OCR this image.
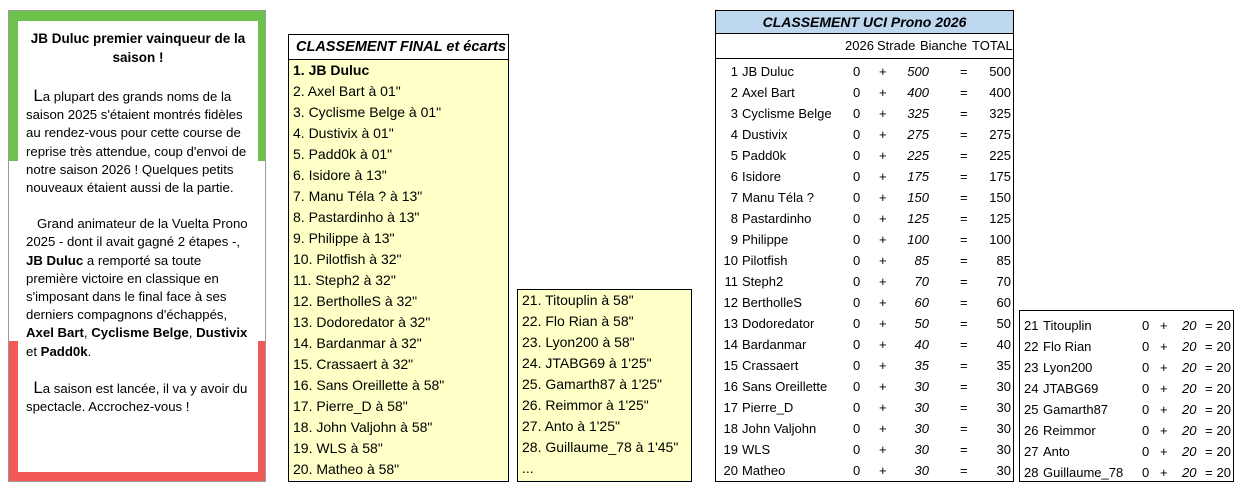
JB Duluc premier vainqueur de la saison !
La plupart des grands noms de la saison 2025 s'étaient montrés fidèles au rendez-vous pour cette course de reprise très attendue, coup d'envoi de notre saison 2026 ! Quelques petits nouveaux étaient aussi de la partie.
Grand animateur de la Vuelta Prono 2025 - dont il avait gagné 2 étapes -, JB Duluc a remporté sa toute première victoire en classique en s'imposant dans le final face à ses derniers compagnons d'échappés, Axel Bart, Cyclisme Belge, Dustivix et Padd0k.
La saison est lancée, il va y avoir du spectacle. Accrochez-vous !
CLASSEMENT FINAL et écarts
1. JB Duluc
2. Axel Bart à 01"
3. Cyclisme Belge à 01"
4. Dustivix à 01"
5. Padd0k à 01"
6. Isidore à 13"
7. Manu Téla ? à 13"
8. Pastardinho à 13"
9. Philippe à 13"
10. Pilotfish à 32"
11. Steph2 à 32"
12. BertholleS à 32"
13. Dodoredator à 32"
14. Bardanmar à 32"
15. Crassaert à 32"
16. Sans Oreillette à 58"
17. Pierre_D à 58"
18. John Valjohn à 58"
19. WLS à 58"
20. Matheo à 58"
21. Titouplin à 58"
22. Flo Rian à 58"
23. Lyon200 à 58"
24. JTABG69 à 1'25"
25. Gamarth87 à 1'25"
26. Reimmor à 1'25"
27. Anto à 1'25"
28. Guillaume_78 à 1'45"
...
CLASSEMENT UCI Prono 2026
2026 Strade Bianche TOTAL
1 JB Duluc	0 + 500 = 500
2 Axel Bart	0 + 400 = 400
3 Cyclisme Belge 0 + 325 = 325
4 Dustivix	0 + 275 = 275
5 Padd0k	0 + 225 = 225
6 Isidore	0 + 175 = 175
7 Manu Téla ?	0 + 150 = 150
8 Pastardinho	0 + 125 = 125
9 Philippe	0 + 100 = 100
10 Pilotfish	0 + 85 = 85
11 Steph2	0 + 70 = 70
12 BertholleS	0 + 60 = 60
13 Dodoredator	0 + 50 = 50
14 Bardanmar	0 + 40 = 40
15 Crassaert	0 + 35 = 35
16 Sans Oreillette 0 + 30 = 30
17 Pierre_D	0 + 30 = 30
18 John Valjohn	0 + 30 = 30
19 WLS	0 + 30 = 30
20 Matheo	0 + 30 = 30
21 Titouplin	0 + 20 = 20
22 Flo Rian	0 + 20 = 20
23 Lyon200	0 + 20 = 20
24 JTABG69	0 + 20 = 20
25 Gamarth87	0 + 20 = 20
26 Reimmor	0 + 20 = 20
27 Anto	0 + 20 = 20
28 Guillaume_78 0 + 20 = 20
